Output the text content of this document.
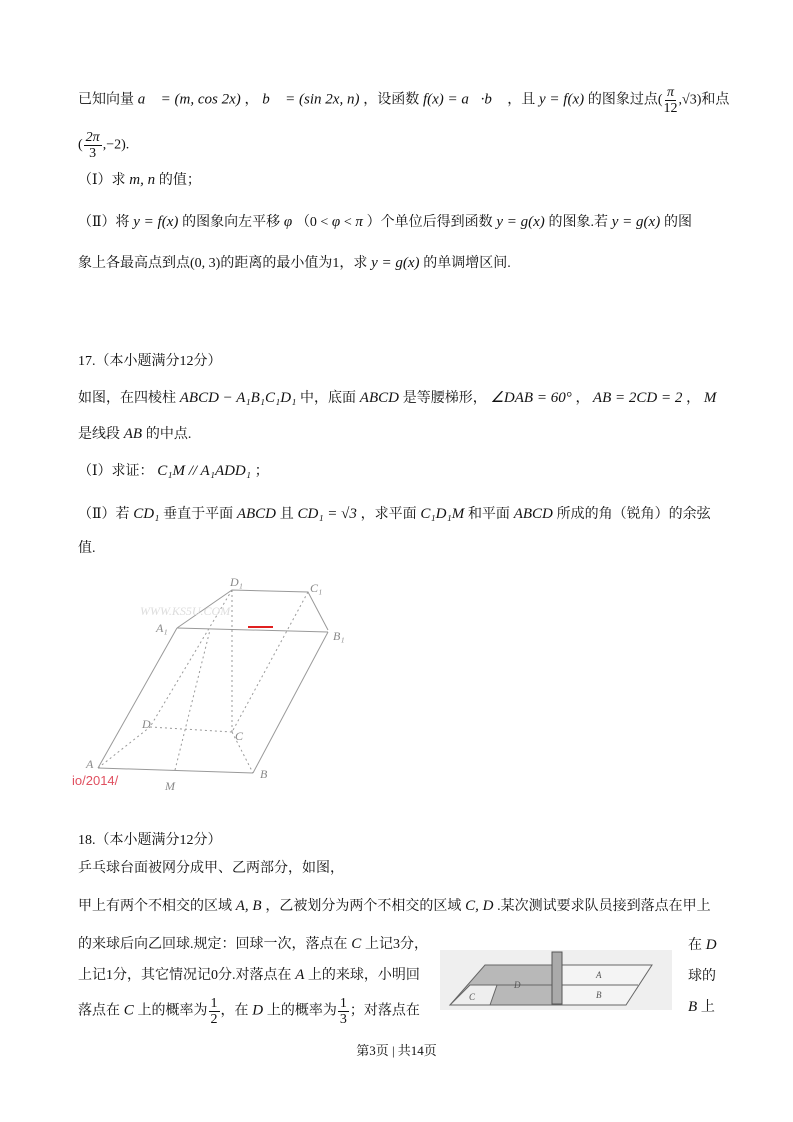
已知向量 a⃗ = (m, cos 2x) ， b⃗ = (sin 2x, n) ，设函数 f(x) = a⃗·b⃗ ，且 y = f(x) 的图象过点( $\frac{\pi}{12} ,√3$)和点
( $\frac{2\pi}{3} ,-2$).
（Ⅰ）求 m, n 的值；
（Ⅱ）将 y = f(x) 的图象向左平移 φ （0 < φ < π ）个单位后得到函数 y = g(x) 的图象.若 y = g(x) 的图
象上各最高点到点(0, 3)的距离的最小值为1，求 y = g(x) 的单调增区间.
17.（本小题满分12分）
如图，在四棱柱 ABCD − A₁B₁C₁D₁ 中，底面 ABCD 是等腰梯形， ∠DAB = 60° ， AB = 2CD = 2 ， M
是线段 AB 的中点.
（Ⅰ）求证： C₁M // A₁ADD₁ ；
（Ⅱ）若 CD₁ 垂直于平面 ABCD 且 CD₁ = √3 ，求平面 C₁D₁M 和平面 ABCD 所成的角（锐角）的余弦
值.
WWW.KS5U.COM
D₁	C₁
A₁
B₁
D
C
A
B
M
io/2014/
18.（本小题满分12分）
乒乓球台面被网分成甲、乙两部分，如图，
甲上有两个不相交的区域 A, B ，乙被划分为两个不相交的区域 C, D .某次测试要求队员接到落点在甲上
的来球后向乙回球.规定：回球一次，落点在 C 上记3分，
上记1分，其它情况记0分.对落点在 A 上的来球，小明回
落点在 C 上的概率为 $\frac{1}{2}$ ，在 D 上的概率为 $\frac{1}{3}$ ；对落点在
在 D
球的
B 上
A
B
C
D
第3页 | 共14页
